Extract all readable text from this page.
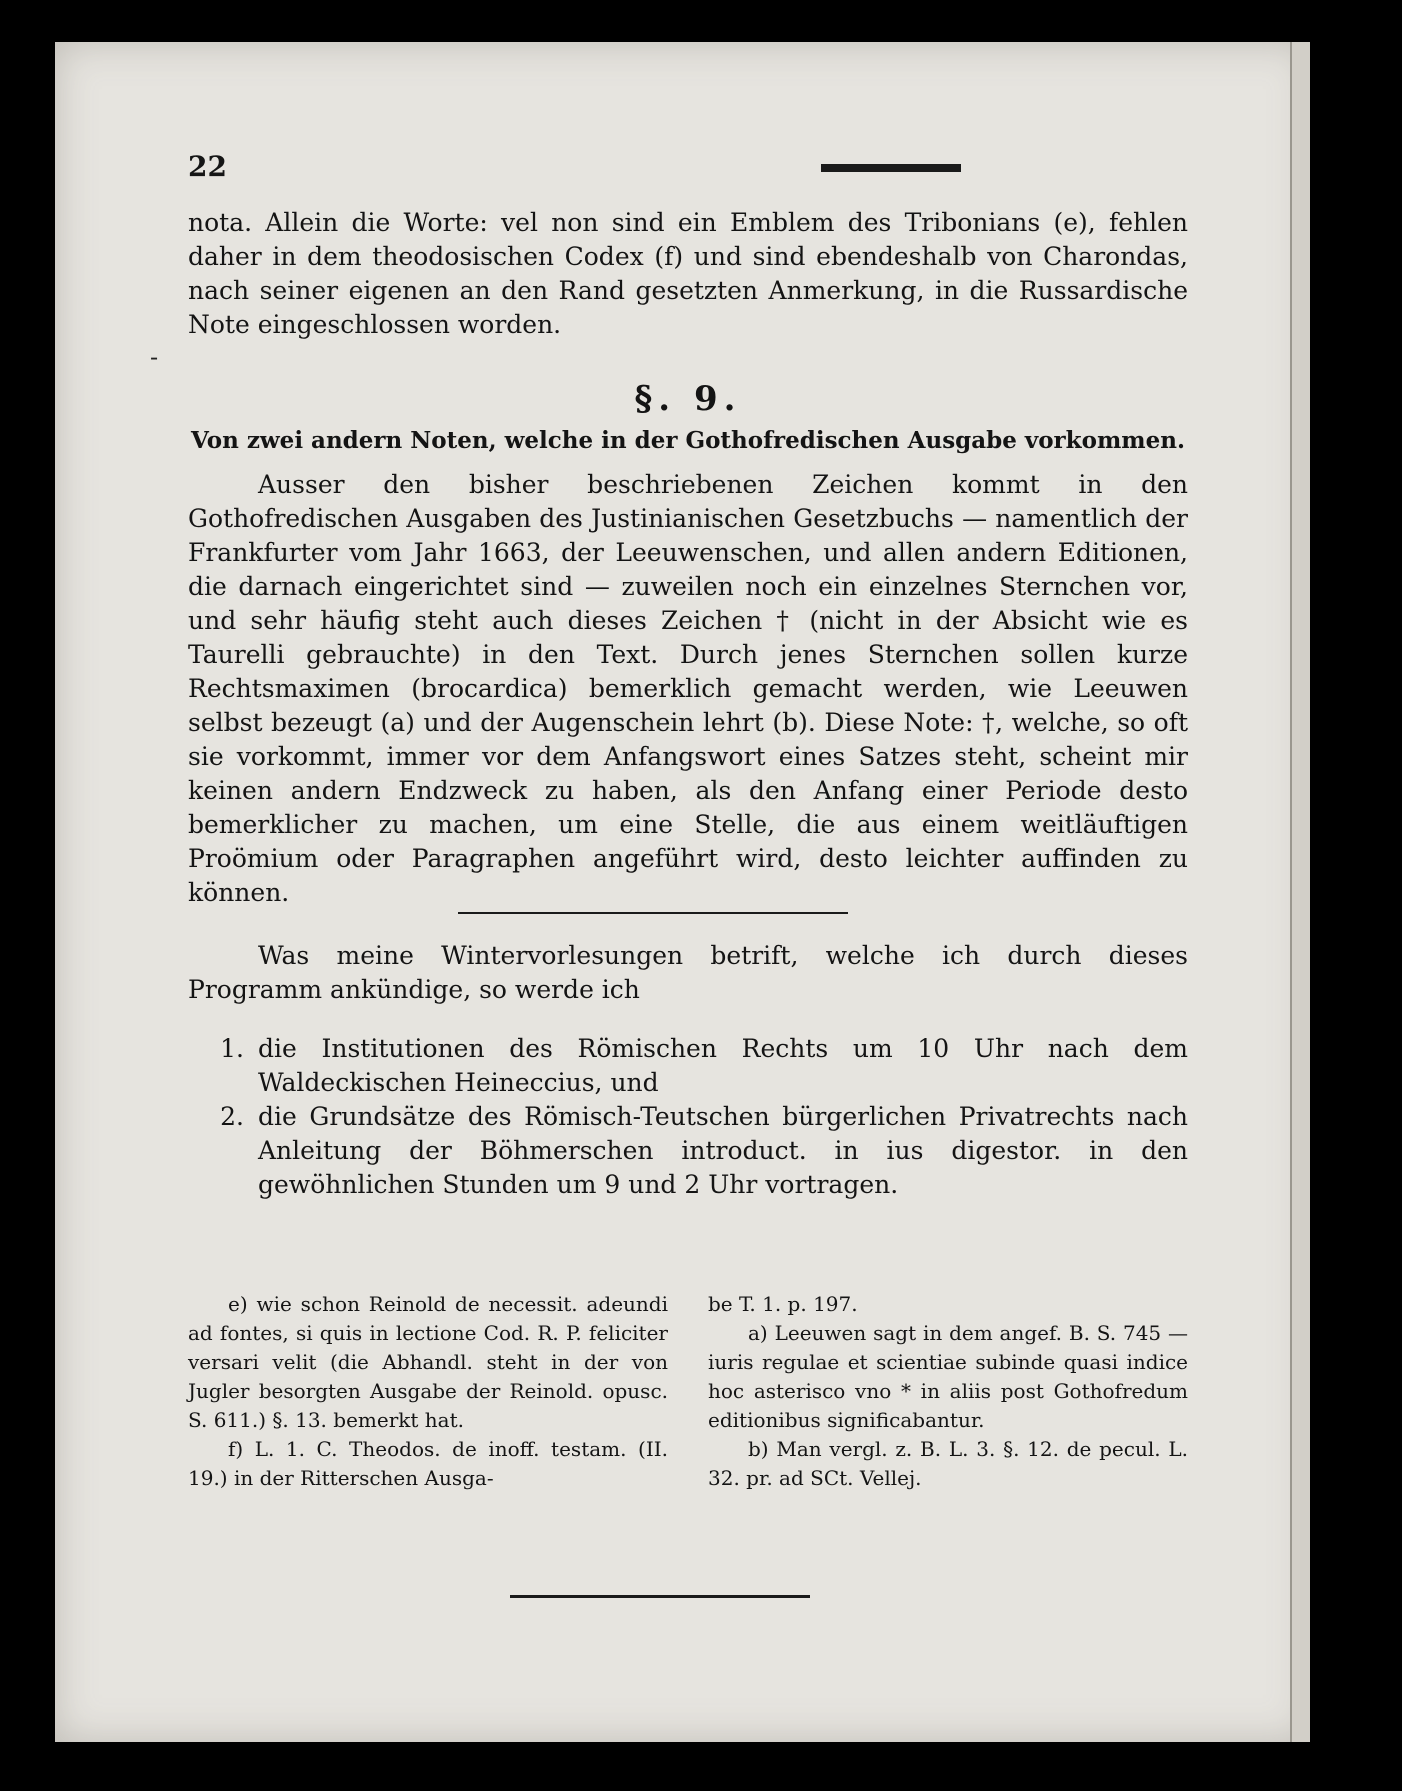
22
-

nota. Allein die Worte: vel non sind ein Emblem des Tribonians (e), fehlen daher in dem theodosischen Codex (f) und sind ebendeshalb von Charondas, nach seiner eigenen an den Rand gesetzten Anmerkung, in die Russardische Note eingeschlossen worden.

§. 9.
Von zwei andern Noten, welche in der Gothofredischen Ausgabe vorkommen.

Ausser den bisher beschriebenen Zeichen kommt in den Gothofredischen Ausgaben des Justinianischen Gesetzbuchs — namentlich der Frankfurter vom Jahr 1663, der Leeuwenschen, und allen andern Editionen, die darnach eingerichtet sind — zuweilen noch ein einzelnes Sternchen vor, und sehr häufig steht auch dieses Zeichen † (nicht in der Absicht wie es Taurelli gebrauchte) in den Text. Durch jenes Sternchen sollen kurze Rechtsmaximen (brocardica) bemerklich gemacht werden, wie Leeuwen selbst bezeugt (a) und der Augenschein lehrt (b). Diese Note: †, welche, so oft sie vorkommt, immer vor dem Anfangswort eines Satzes steht, scheint mir keinen andern Endzweck zu haben, als den Anfang einer Periode desto bemerklicher zu machen, um eine Stelle, die aus einem weitläuftigen Proömium oder Paragraphen angeführt wird, desto leichter auffinden zu können.

Was meine Wintervorlesungen betrift, welche ich durch dieses Programm ankündige, so werde ich

1. die Institutionen des Römischen Rechts um 10 Uhr nach dem Waldeckischen Heineccius, und
2. die Grundsätze des Römisch-Teutschen bürgerlichen Privatrechts nach Anleitung der Böhmerschen introduct. in ius digestor. in den gewöhnlichen Stunden um 9 und 2 Uhr vortragen.

e) wie schon Reinold de necessit. adeundi ad fontes, si quis in lectione Cod. R. P. feliciter versari velit (die Abhandl. steht in der von Jugler besorgten Ausgabe der Reinold. opusc. S. 611.) §. 13. bemerkt hat.

f) L. 1. C. Theodos. de inoff. testam. (II. 19.) in der Ritterschen Ausga-

be T. 1. p. 197.

a) Leeuwen sagt in dem angef. B. S. 745 — iuris regulae et scientiae subinde quasi indice hoc asterisco vno * in aliis post Gothofredum editionibus significabantur.

b) Man vergl. z. B. L. 3. §. 12. de pecul. L. 32. pr. ad SCt. Vellej.
